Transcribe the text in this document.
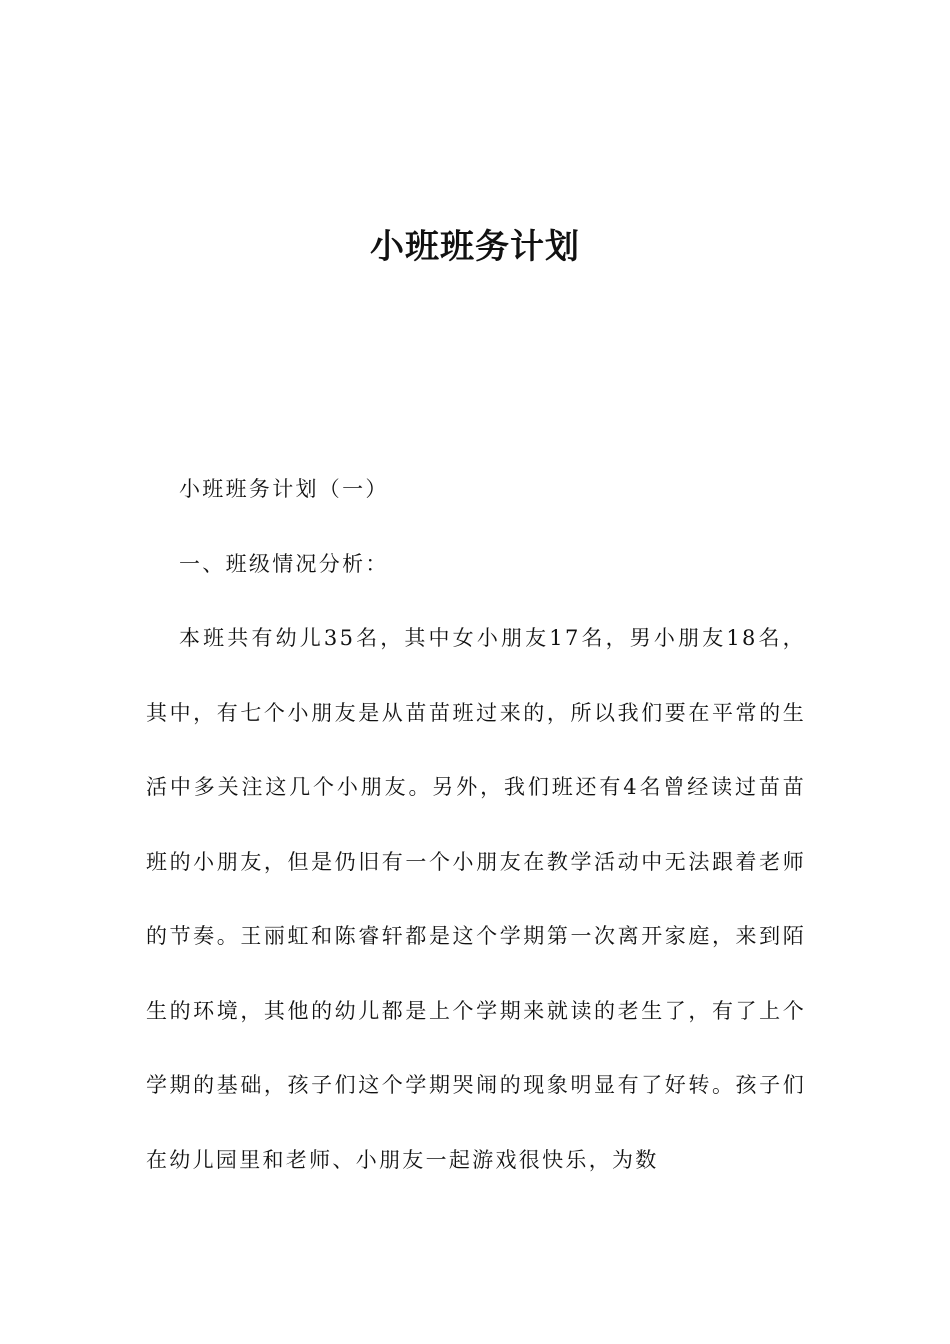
小班班务计划

小班班务计划（一）

一、班级情况分析：

本班共有幼儿35名，其中女小朋友17名，男小朋友18名，其中，有七个小朋友是从苗苗班过来的，所以我们要在平常的生活中多关注这几个小朋友。另外，我们班还有4名曾经读过苗苗班的小朋友，但是仍旧有一个小朋友在教学活动中无法跟着老师的节奏。王丽虹和陈睿轩都是这个学期第一次离开家庭，来到陌生的环境，其他的幼儿都是上个学期来就读的老生了，有了上个学期的基础，孩子们这个学期哭闹的现象明显有了好转。孩子们在幼儿园里和老师、小朋友一起游戏很快乐，为数
